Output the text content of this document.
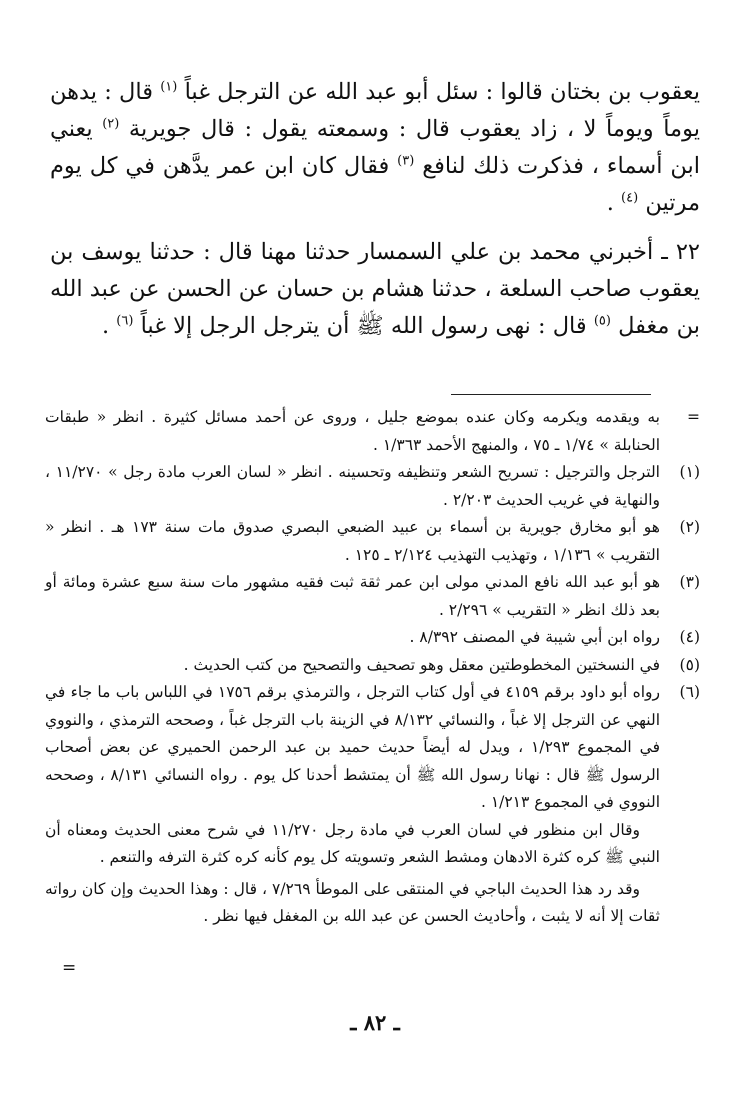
يعقوب بن بختان قالوا : سئل أبو عبد الله عن الترجل غباً $^{(١)}$ قال : يدهن يوماً ويوماً لا ، زاد يعقوب قال : وسمعته يقول : قال جويرية $^{(٢)}$ يعني ابن أسماء ، فذكرت ذلك لنافع $^{(٣)}$ فقال كان ابن عمر يدَّهن في كل يوم مرتين $^{(٤)}$ .

٢٢ ـ أخبرني محمد بن علي السمسار حدثنا مهنا قال : حدثنا يوسف بن يعقوب صاحب السلعة ، حدثنا هشام بن حسان عن الحسن عن عبد الله بن مغفل $^{(٥)}$ قال : نهى رسول الله ﷺ أن يترجل الرجل إلا غباً $^{(٦)}$ .

=
به ويقدمه ويكرمه وكان عنده بموضع جليل ، وروى عن أحمد مسائل كثيرة . انظر « طبقات الحنابلة » ١/٧٤ ـ ٧٥ ، والمنهج الأحمد ١/٣٦٣ .
(١)
الترجل والترجيل : تسريح الشعر وتنظيفه وتحسينه . انظر « لسان العرب مادة رجل » ١١/٢٧٠ ، والنهاية في غريب الحديث ٢/٢٠٣ .
(٢)
هو أبو مخارق جويرية بن أسماء بن عبيد الضبعي البصري صدوق مات سنة ١٧٣ هـ . انظر « التقريب » ١/١٣٦ ، وتهذيب التهذيب ٢/١٢٤ ـ ١٢٥ .
(٣)
هو أبو عبد الله نافع المدني مولى ابن عمر ثقة ثبت فقيه مشهور مات سنة سبع عشرة ومائة أو بعد ذلك انظر « التقريب » ٢/٢٩٦ .
(٤)
رواه ابن أبي شيبة في المصنف ٨/٣٩٢ .
(٥)
في النسختين المخطوطتين معقل وهو تصحيف والتصحيح من كتب الحديث .
(٦)
رواه أبو داود برقم ٤١٥٩ في أول كتاب الترجل ، والترمذي برقم ١٧٥٦ في اللباس باب ما جاء في النهي عن الترجل إلا غباً ، والنسائي ٨/١٣٢ في الزينة باب الترجل غباً ، وصححه الترمذي ، والنووي في المجموع ١/٢٩٣ ، ويدل له أيضاً حديث حميد بن عبد الرحمن الحميري عن بعض أصحاب الرسول ﷺ قال : نهانا رسول الله ﷺ أن يمتشط أحدنا كل يوم . رواه النسائي ٨/١٣١ ، وصححه النووي في المجموع ١/٢١٣ .
وقال ابن منظور في لسان العرب في مادة رجل ١١/٢٧٠ في شرح معنى الحديث ومعناه أن النبي ﷺ كره كثرة الادهان ومشط الشعر وتسويته كل يوم كأنه كره كثرة الترفه والتنعم .
وقد رد هذا الحديث الباجي في المنتقى على الموطأ ٧/٢٦٩ ، قال : وهذا الحديث وإن كان رواته ثقات إلا أنه لا يثبت ، وأحاديث الحسن عن عبد الله بن المغفل فيها نظر .
=
ـ ٨٢ ـ
